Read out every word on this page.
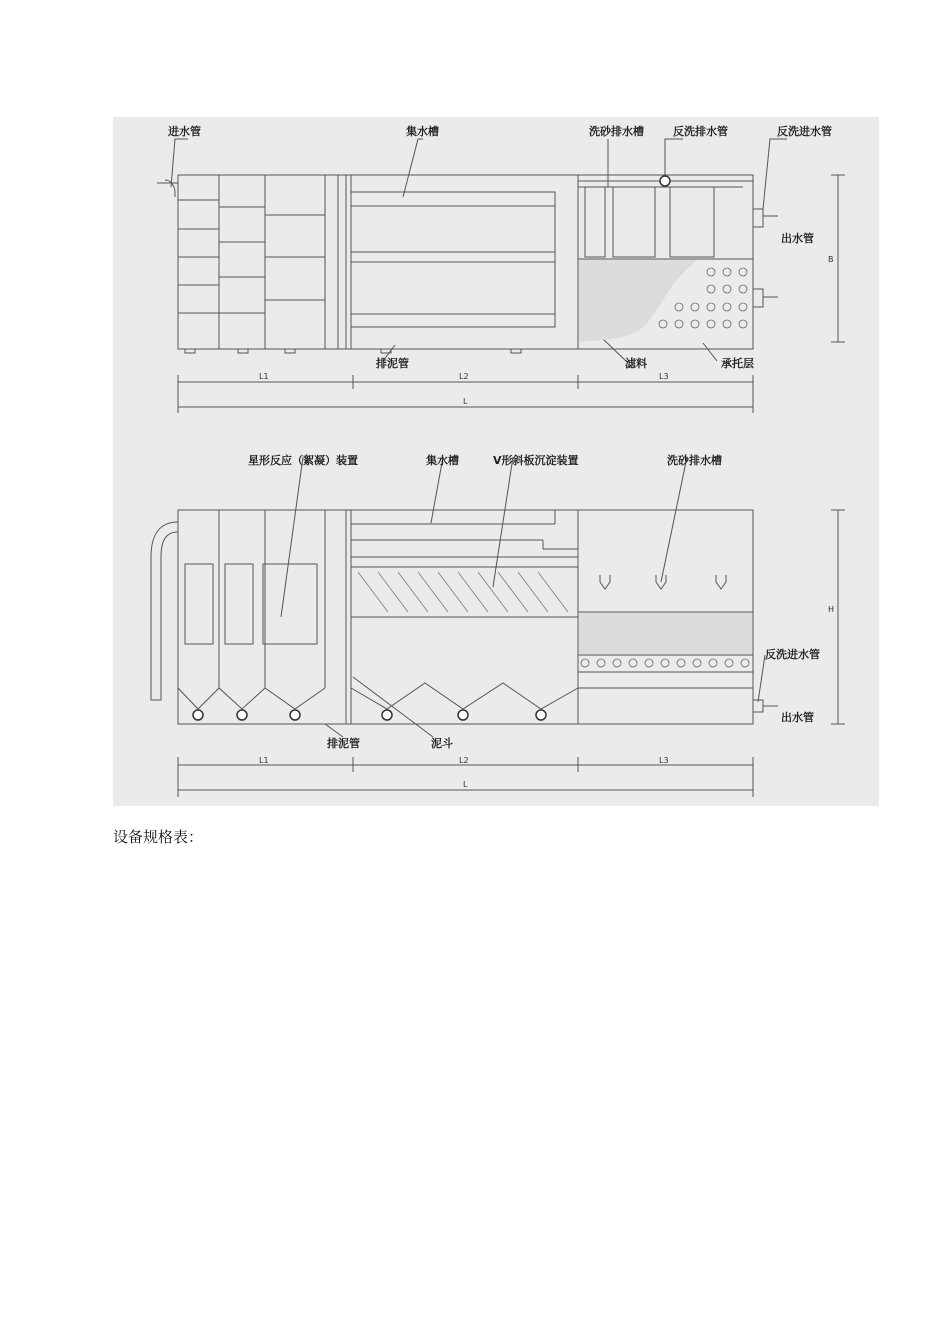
进水管	集水槽	洗砂排水槽	反洗排水管	反洗进水管
出水管
排泥管	滤料	承托层
L1	L2	L3
L
B
星形反应（絮凝）装置	集水槽	V形斜板沉淀装置	洗砂排水槽
反洗进水管
出水管
排泥管	泥斗
L1	L2	L3
L
H
设备规格表：
